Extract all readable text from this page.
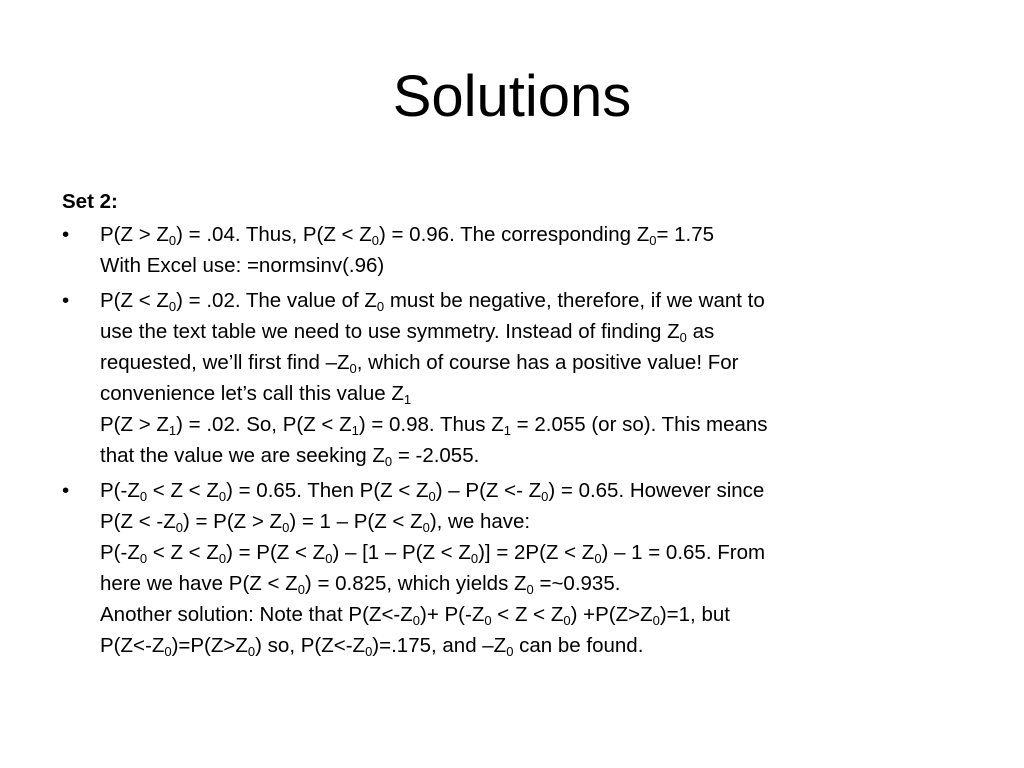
Solutions
Set 2:
• $P(Z > Z_0) = .04$. Thus, $P(Z < Z_0) = 0.96$. The corresponding $Z_0= 1.75$
With Excel use: =normsinv(.96)
• $P(Z < Z_0) = .02$. The value of $Z_0$ must be negative, therefore, if we want to
use the text table we need to use symmetry. Instead of finding $Z_0$ as
requested, we’ll first find $-Z_0$, which of course has a positive value! For
convenience let’s call this value $Z_1$
$P(Z > Z_1) = .02$. So, $P(Z < Z_1) = 0.98$. Thus $Z_1 = 2.055$ (or so). This means
that the value we are seeking $Z_0 = -2.055$.
• $P(-Z_0 < Z < Z_0) = 0.65$. Then $P(Z < Z_0) - P(Z <- Z_0) = 0.65$. However since
$P(Z < -Z_0) = P(Z > Z_0) = 1 - P(Z < Z_0)$, we have:
$P(-Z_0 < Z < Z_0) = P(Z < Z_0) - [1 - P(Z < Z_0)] = 2P(Z < Z_0) - 1 = 0.65$. From
here we have $P(Z < Z_0) = 0.825$, which yields $Z_0$ =~0.935.
Another solution: Note that $P(Z<-Z_0)+ P(-Z_0 < Z < Z_0) +P(Z>Z_0)=1$, but
$P(Z<-Z_0)=P(Z>Z_0)$ so, $P(Z<-Z_0)=.175$, and $-Z_0$ can be found.
